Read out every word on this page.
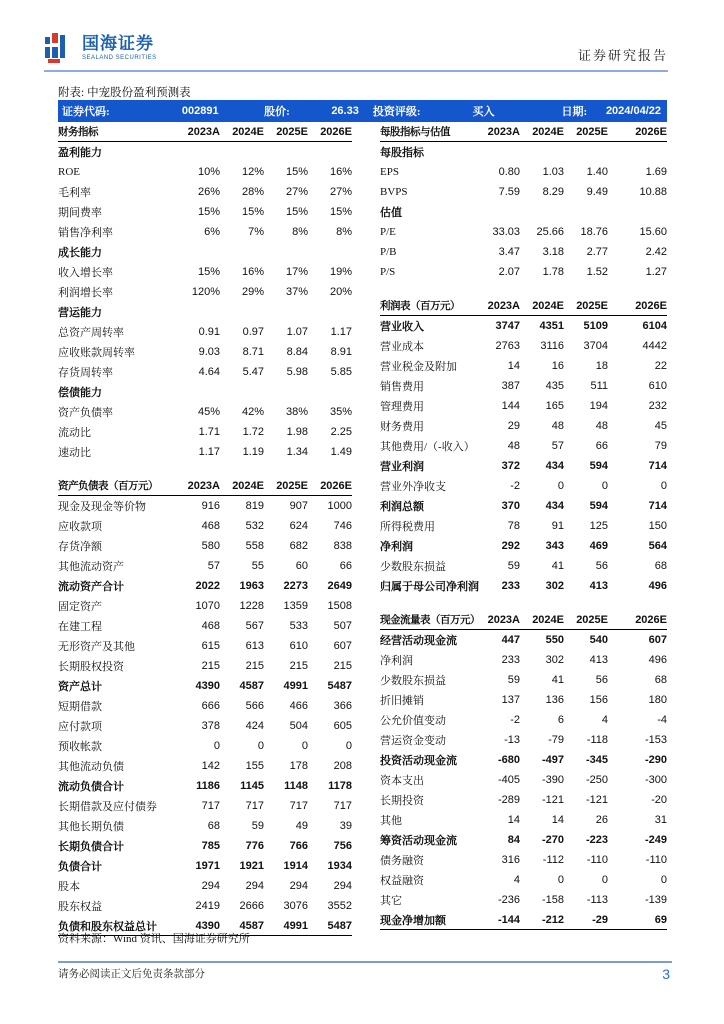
国海证券
SEALAND SECURITIES	证券研究报告
附表: 中宠股份盈利预测表
证券代码:	002891	股价:	26.33	投资评级:	买入	日期:	2024/04/22
财务指标	2023A	2024E	2025E	2026E
盈利能力
ROE	10%	12%	15%	16%
毛利率	26%	28%	27%	27%
期间费率	15%	15%	15%	15%
销售净利率	6%	7%	8%	8%
成长能力
收入增长率	15%	16%	17%	19%
利润增长率	120%	29%	37%	20%
营运能力
总资产周转率	0.91	0.97	1.07	1.17
应收账款周转率	9.03	8.71	8.84	8.91
存货周转率	4.64	5.47	5.98	5.85
偿债能力
资产负债率	45%	42%	38%	35%
流动比	1.71	1.72	1.98	2.25
速动比	1.17	1.19	1.34	1.49
资产负债表（百万元）	2023A	2024E	2025E	2026E
现金及现金等价物	916	819	907	1000
应收款项	468	532	624	746
存货净额	580	558	682	838
其他流动资产	57	55	60	66
流动资产合计	2022	1963	2273	2649
固定资产	1070	1228	1359	1508
在建工程	468	567	533	507
无形资产及其他	615	613	610	607
长期股权投资	215	215	215	215
资产总计	4390	4587	4991	5487
短期借款	666	566	466	366
应付款项	378	424	504	605
预收帐款	0	0	0	0
其他流动负债	142	155	178	208
流动负债合计	1186	1145	1148	1178
长期借款及应付债券	717	717	717	717
其他长期负债	68	59	49	39
长期负债合计	785	776	766	756
负债合计	1971	1921	1914	1934
股本	294	294	294	294
股东权益	2419	2666	3076	3552
负债和股东权益总计	4390	4587	4991	5487
每股指标与估值	2023A	2024E	2025E	2026E
每股指标
EPS	0.80	1.03	1.40	1.69
BVPS	7.59	8.29	9.49	10.88
估值
P/E	33.03	25.66	18.76	15.60
P/B	3.47	3.18	2.77	2.42
P/S	2.07	1.78	1.52	1.27
利润表（百万元）	2023A	2024E	2025E	2026E
营业收入	3747	4351	5109	6104
营业成本	2763	3116	3704	4442
营业税金及附加	14	16	18	22
销售费用	387	435	511	610
管理费用	144	165	194	232
财务费用	29	48	48	45
其他费用/（-收入）	48	57	66	79
营业利润	372	434	594	714
营业外净收支	-2	0	0	0
利润总额	370	434	594	714
所得税费用	78	91	125	150
净利润	292	343	469	564
少数股东损益	59	41	56	68
归属于母公司净利润	233	302	413	496
现金流量表（百万元） 2023A	2024E	2025E	2026E
经营活动现金流	447	550	540	607
净利润	233	302	413	496
少数股东损益	59	41	56	68
折旧摊销	137	136	156	180
公允价值变动	-2	6	4	-4
营运资金变动	-13	-79	-118	-153
投资活动现金流	-680	-497	-345	-290
资本支出	-405	-390	-250	-300
长期投资	-289	-121	-121	-20
其他	14	14	26	31
筹资活动现金流	84	-270	-223	-249
债务融资	316	-112	-110	-110
权益融资	4	0	0	0
其它	-236	-158	-113	-139
现金净增加额	-144	-212	-29	69
资料来源：Wind 资讯、国海证券研究所
请务必阅读正文后免责条款部分	3
